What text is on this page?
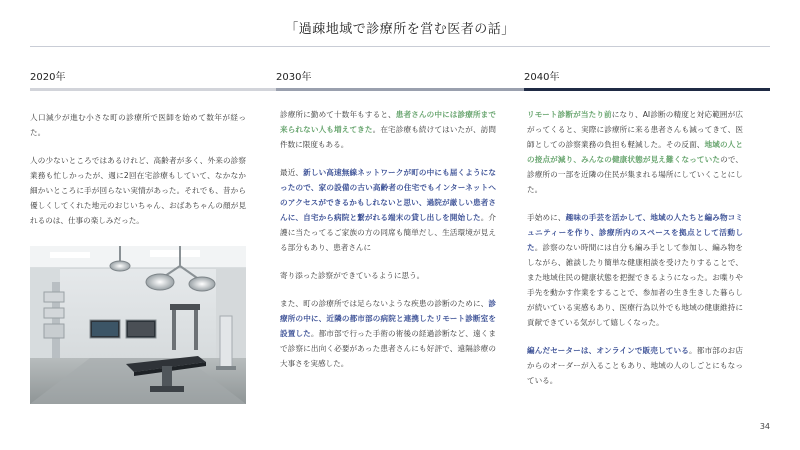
「過疎地域で診療所を営む医者の話」
2020年	2030年	2040年

人口減少が進む小さな町の診療所で医師を始めて数年が経った。

人の少ないところではあるけれど、高齢者が多く、外来の診察業務も忙しかったが、週に2回在宅診療もしていて、なかなか細かいところに手が回らない実情があった。それでも、昔から優しくしてくれた地元のおじいちゃん、おばあちゃんの顔が見れるのは、仕事の楽しみだった。

診療所に勤めて十数年もすると、患者さんの中には診療所まで来られない人も増えてきた。在宅診療も続けてはいたが、訪問件数に限度もある。

最近、新しい高速無線ネットワークが町の中にも届くようになったので、家の設備の古い高齢者の住宅でもインターネットへのアクセスができるかもしれないと思い、過院が厳しい患者さんに、自宅から病院と繋がれる端末の貸し出しを開始した。介護に当たってるご家族の方の同席も簡単だし、生活環境が見える部分もあり、患者さんに

寄り添った診察ができているように思う。

また、町の診療所では足らないような疾患の診断のために、診療所の中に、近隣の都市部の病院と連携したリモート診断室を設置した。都市部で行った手術の術後の経過診断など、遠くまで診察に出向く必要があった患者さんにも好評で、遠隔診療の大事さを実感した。

リモート診断が当たり前になり、AI診断の精度と対応範囲が広がってくると、実際に診療所に来る患者さんも減ってきて、医師としての診察業務の負担も軽減した。その反面、地域の人との接点が減り、みんなの健康状態が見え難くなっていたので、診療所の一部を近隣の住民が集まれる場所にしていくことにした。

手始めに、趣味の手芸を活かして、地域の人たちと編み物コミュニティーを作り、診療所内のスペースを拠点として活動した。診察のない時間には自分も編み手として参加し、編み物をしながら、雑談したり簡単な健康相談を受けたりすることで、また地域住民の健康状態を把握できるようになった。お喋りや手先を動かす作業をすることで、参加者の生き生きした暮らしが続いている実感もあり、医療行為以外でも地域の健康維持に貢献できている気がして嬉しくなった。

編んだセーターは、オンラインで販売している。都市部のお店からのオーダーが入ることもあり、地域の人のしごとにもなっている。

34
